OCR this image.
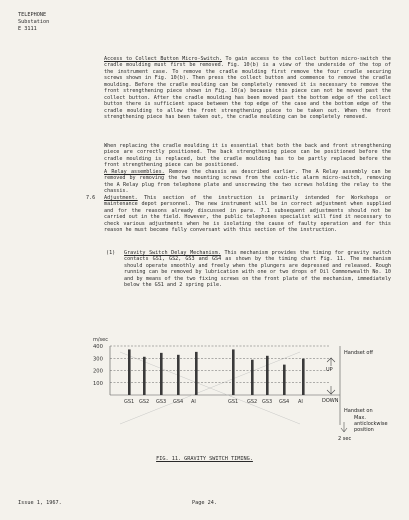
TELEPHONE
Substation
E 3111
Access to Collect Button Micro-Switch. To gain access to the collect button micro-switch the cradle moulding must first be removed. Fig. 10(b) is a view of the underside of the top of the instrument case. To remove the cradle moulding first remove the four cradle securing screws shown in Fig. 10(b). Then press the collect button and commence to remove the cradle moulding. Before the cradle moulding can be completely removed it is necessary to remove the front strengthening piece shown in Fig. 10(a) because this piece can not be moved past the collect button. After the cradle moulding has been moved past the bottom edge of the collect button there is sufficient space between the top edge of the case and the bottom edge of the cradle moulding to allow the front strengthening piece to be taken out. When the front strengthening piece has been taken out, the cradle moulding can be completely removed.
When replacing the cradle moulding it is essential that both the back and front strengthening piece are correctly positioned. The back strengthening piece can be positioned before the cradle moulding is replaced, but the cradle moulding has to be partly replaced before the front strengthening piece can be positioned.
A Relay assemblies. Remove the chassis as described earlier. The A Relay assembly can be removed by removing the two mounting screws from the coin-tic alarm micro-switch, removing the A Relay plug from telephone plate and unscrewing the two screws holding the relay to the chassis.
7.6 Adjustment. This section of the instruction is primarily intended for Workshops or maintenance depot personnel. The new instrument will be in correct adjustment when supplied and for the reasons already discussed in para. 7.1 subsequent adjustments should not be carried out in the field. However, the public telephones specialist will find it necessary to check various adjustments when he is isolating the cause of faulty operation and for this reason he must become fully conversant with this section of the instruction.
(1) Gravity Switch Delay Mechanism. This mechanism provides the timing for gravity switch contacts GS1, GS2, GS3 and GS4 as shown by the timing chart Fig. 11. The mechanism should operate smoothly and freely when the plungers are depressed and released. Rough running can be removed by lubrication with one or two drops of Oil Commonwealth No. 10 and by means of the two fixing screws on the front plate of the mechanism, immediately below the GS1 and 2 spring pile.
m/sec
400
300
200
100
GS1 GS2 GS3 GS4 AI	GS1 GS2 GS3 GS4 AI
Handset off
UP
DOWN
Handset on
2 sec
Max.
anticlockwise
position
FIG. 11. GRAVITY SWITCH TIMING.
Issue 1, 1967.	Page 24.
